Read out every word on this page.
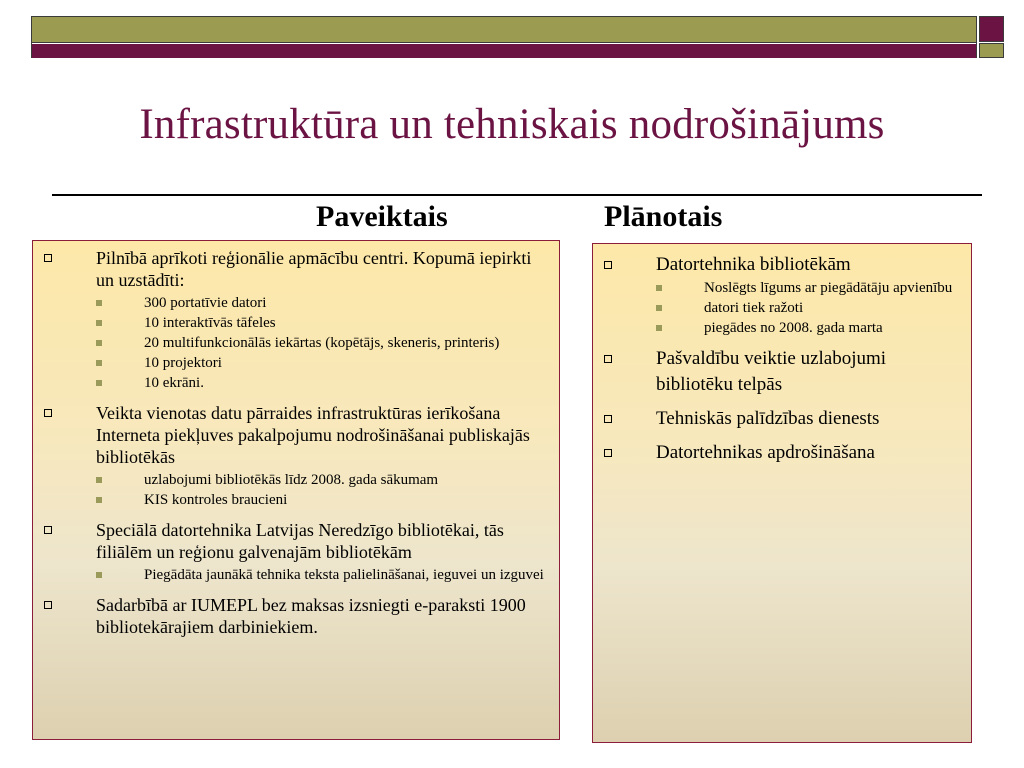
Infrastruktūra un tehniskais nodrošinājums
Paveiktais	Plānotais
Pilnībā aprīkoti reģionālie apmācību centri. Kopumā iepirkti un uzstādīti:
300 portatīvie datori
10 interaktīvās tāfeles
20 multifunkcionālās iekārtas (kopētājs, skeneris, printeris)
10 projektori
10 ekrāni.
Veikta vienotas datu pārraides infrastruktūras ierīkošana Interneta piekļuves pakalpojumu nodrošināšanai publiskajās bibliotēkās
uzlabojumi bibliotēkās līdz 2008. gada sākumam
KIS kontroles braucieni
Speciālā datortehnika Latvijas Neredzīgo bibliotēkai, tās filiālēm un reģionu galvenajām bibliotēkām
Piegādāta jaunākā tehnika teksta palielināšanai, ieguvei un izguvei
Sadarbībā ar IUMEPL bez maksas izsniegti e-paraksti 1900 bibliotekārajiem darbiniekiem.
Datortehnika bibliotēkām
Noslēgts līgums ar piegādātāju apvienību
datori tiek ražoti
piegādes no 2008. gada marta
Pašvaldību veiktie uzlabojumi bibliotēku telpās
Tehniskās palīdzības dienests
Datortehnikas apdrošināšana
